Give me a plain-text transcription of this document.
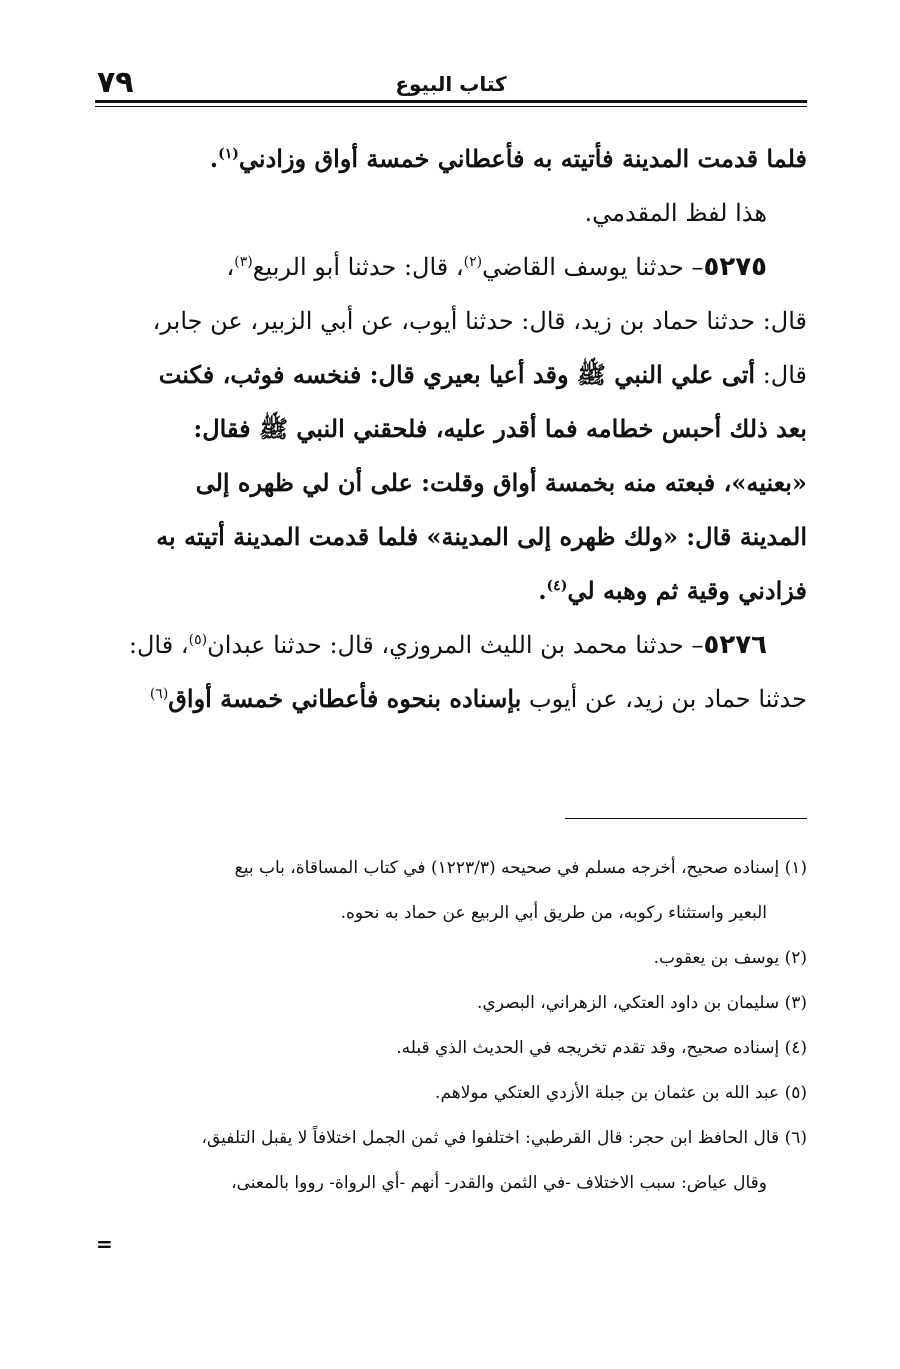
٧٩	كتاب البيوع
فلما قدمت المدينة فأتيته به فأعطاني خمسة أواق وزادني$^{(١)}$.
هذا لفظ المقدمي.
٥٢٧٥– حدثنا يوسف القاضي$^{(٢)}$، قال: حدثنا أبو الربيع$^{(٣)}$،
قال: حدثنا حماد بن زيد، قال: حدثنا أيوب، عن أبي الزبير، عن جابر،
قال: أتى علي النبي ﷺ وقد أعيا بعيري قال: فنخسه فوثب، فكنت
بعد ذلك أحبس خطامه فما أقدر عليه، فلحقني النبي ﷺ فقال:
«بعنيه»، فبعته منه بخمسة أواق وقلت: على أن لي ظهره إلى
المدينة قال: «ولك ظهره إلى المدينة» فلما قدمت المدينة أتيته به
فزادني وقية ثم وهبه لي$^{(٤)}$.
٥٢٧٦– حدثنا محمد بن الليث المروزي، قال: حدثنا عبدان$^{(٥)}$، قال:
حدثنا حماد بن زيد، عن أيوب بإسناده بنحوه فأعطاني خمسة أواق$^{(٦)}$
(١) إسناده صحيح، أخرجه مسلم في صحيحه (١٢٢٣/٣) في كتاب المساقاة، باب بيع
البعير واستثناء ركوبه، من طريق أبي الربيع عن حماد به نحوه.
(٢) يوسف بن يعقوب.
(٣) سليمان بن داود العتكي، الزهراني، البصري.
(٤) إسناده صحيح، وقد تقدم تخريجه في الحديث الذي قبله.
(٥) عبد الله بن عثمان بن جبلة الأزدي العتكي مولاهم.
(٦) قال الحافظ ابن حجر: قال القرطبي: اختلفوا في ثمن الجمل اختلافاً لا يقبل التلفيق،
وقال عياض: سبب الاختلاف -في الثمن والقدر- أنهم -أي الرواة- رووا بالمعنى،
=
